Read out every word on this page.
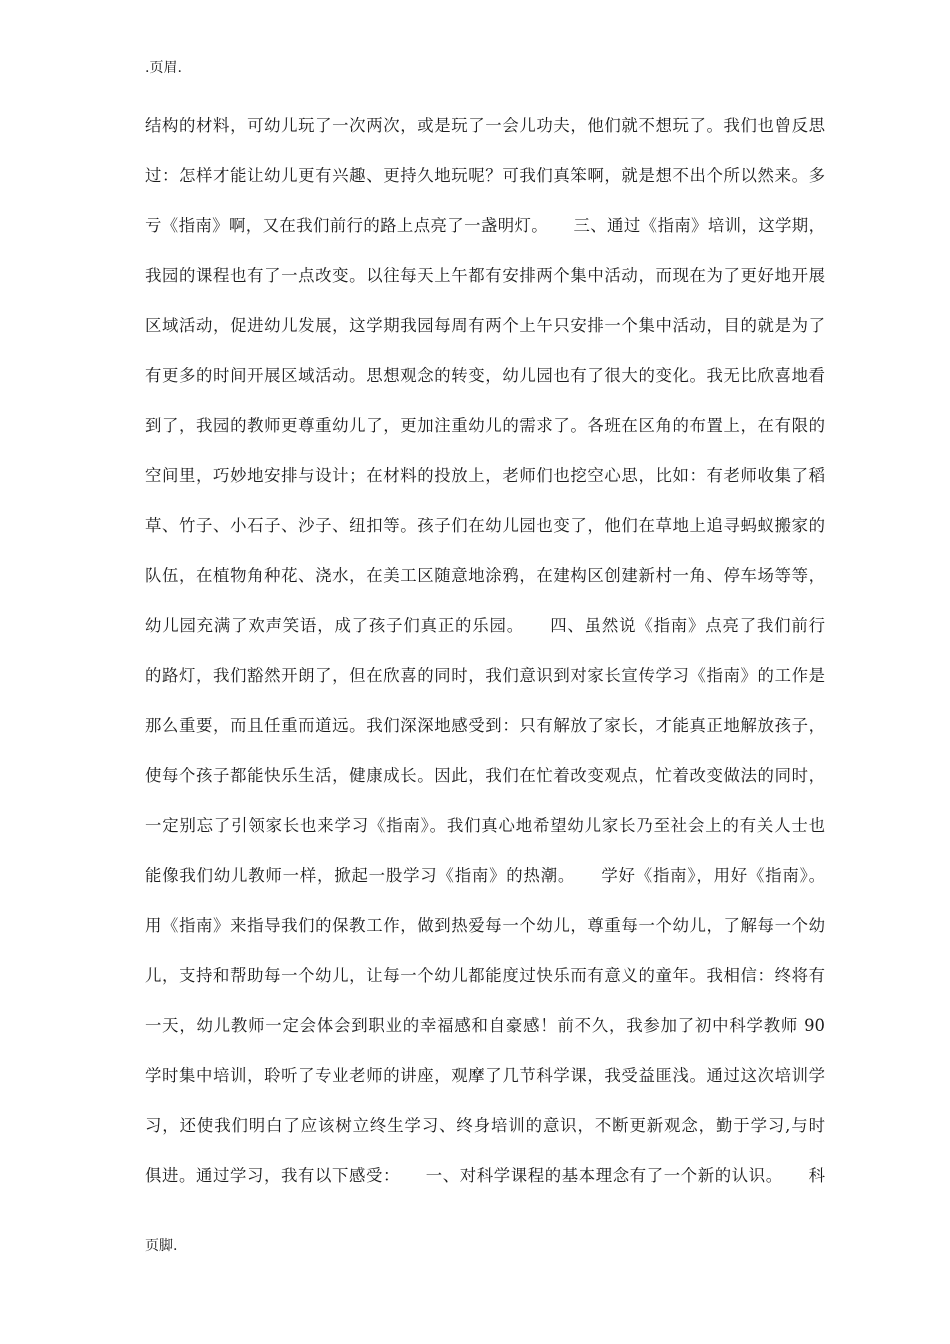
.页眉.
结构的材料，可幼儿玩了一次两次，或是玩了一会儿功夫，他们就不想玩了。我们也曾反思
过：怎样才能让幼儿更有兴趣、更持久地玩呢？可我们真笨啊，就是想不出个所以然来。多
亏《指南》啊，又在我们前行的路上点亮了一盏明灯。　　三、通过《指南》培训，这学期，
我园的课程也有了一点改变。以往每天上午都有安排两个集中活动，而现在为了更好地开展
区域活动，促进幼儿发展，这学期我园每周有两个上午只安排一个集中活动，目的就是为了
有更多的时间开展区域活动。思想观念的转变，幼儿园也有了很大的变化。我无比欣喜地看
到了，我园的教师更尊重幼儿了，更加注重幼儿的需求了。各班在区角的布置上，在有限的
空间里，巧妙地安排与设计；在材料的投放上，老师们也挖空心思，比如：有老师收集了稻
草、竹子、小石子、沙子、纽扣等。孩子们在幼儿园也变了，他们在草地上追寻蚂蚁搬家的
队伍，在植物角种花、浇水，在美工区随意地涂鸦，在建构区创建新村一角、停车场等等，
幼儿园充满了欢声笑语，成了孩子们真正的乐园。　　四、虽然说《指南》点亮了我们前行
的路灯，我们豁然开朗了，但在欣喜的同时，我们意识到对家长宣传学习《指南》的工作是
那么重要，而且任重而道远。我们深深地感受到：只有解放了家长，才能真正地解放孩子，
使每个孩子都能快乐生活，健康成长。因此，我们在忙着改变观点，忙着改变做法的同时，
一定别忘了引领家长也来学习《指南》。我们真心地希望幼儿家长乃至社会上的有关人士也
能像我们幼儿教师一样，掀起一股学习《指南》的热潮。　　学好《指南》，用好《指南》。
用《指南》来指导我们的保教工作，做到热爱每一个幼儿，尊重每一个幼儿，了解每一个幼
儿，支持和帮助每一个幼儿，让每一个幼儿都能度过快乐而有意义的童年。我相信：终将有
一天，幼儿教师一定会体会到职业的幸福感和自豪感！前不久，我参加了初中科学教师 90
学时集中培训，聆听了专业老师的讲座，观摩了几节科学课，我受益匪浅。通过这次培训学
习，还使我们明白了应该树立终生学习、终身培训的意识，不断更新观念，勤于学习,与时
俱进。通过学习，我有以下感受：　　一、对科学课程的基本理念有了一个新的认识。　　科
页脚.
